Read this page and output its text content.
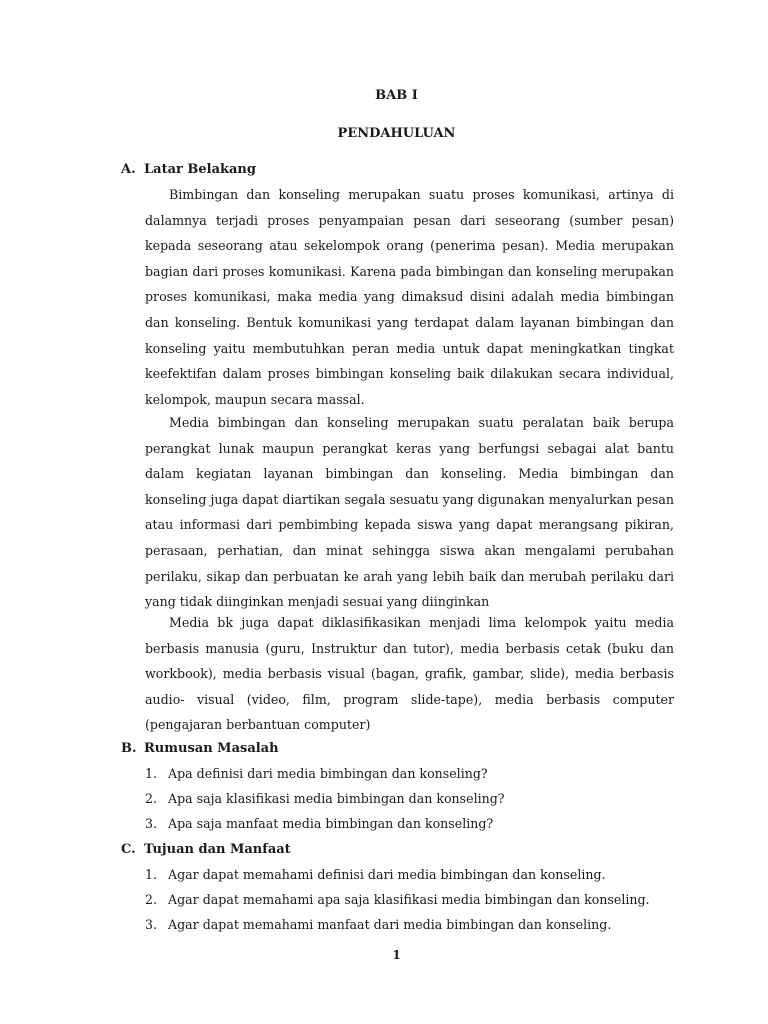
BAB I
PENDAHULUAN
A. Latar Belakang

Bimbingan dan konseling merupakan suatu proses komunikasi, artinya di dalamnya terjadi proses penyampaian pesan dari seseorang (sumber pesan) kepada seseorang atau sekelompok orang (penerima pesan). Media merupakan bagian dari proses komunikasi. Karena pada bimbingan dan konseling merupakan proses komunikasi, maka media yang dimaksud disini adalah media bimbingan dan konseling. Bentuk komunikasi yang terdapat dalam layanan bimbingan dan konseling yaitu membutuhkan peran media untuk dapat meningkatkan tingkat keefektifan dalam proses bimbingan konseling baik dilakukan secara individual, kelompok, maupun secara massal.

Media bimbingan dan konseling merupakan suatu peralatan baik berupa perangkat lunak maupun perangkat keras yang berfungsi sebagai alat bantu dalam kegiatan layanan bimbingan dan konseling. Media bimbingan dan konseling juga dapat diartikan segala sesuatu yang digunakan menyalurkan pesan atau informasi dari pembimbing kepada siswa yang dapat merangsang pikiran, perasaan, perhatian, dan minat sehingga siswa akan mengalami perubahan perilaku, sikap dan perbuatan ke arah yang lebih baik dan merubah perilaku dari yang tidak diinginkan menjadi sesuai yang diinginkan

Media bk juga dapat diklasifikasikan menjadi lima kelompok yaitu media berbasis manusia (guru, Instruktur dan tutor), media berbasis cetak (buku dan workbook), media berbasis visual (bagan, grafik, gambar, slide), media berbasis audio- visual (video, film, program slide-tape), media berbasis computer (pengajaran berbantuan computer)

B. Rumusan Masalah
1. Apa definisi dari media bimbingan dan konseling?
2. Apa saja klasifikasi media bimbingan dan konseling?
3. Apa saja manfaat media bimbingan dan konseling?
C. Tujuan dan Manfaat
1. Agar dapat memahami definisi dari media bimbingan dan konseling.
2. Agar dapat memahami apa saja klasifikasi media bimbingan dan konseling.
3. Agar dapat memahami manfaat dari media bimbingan dan konseling.
1
